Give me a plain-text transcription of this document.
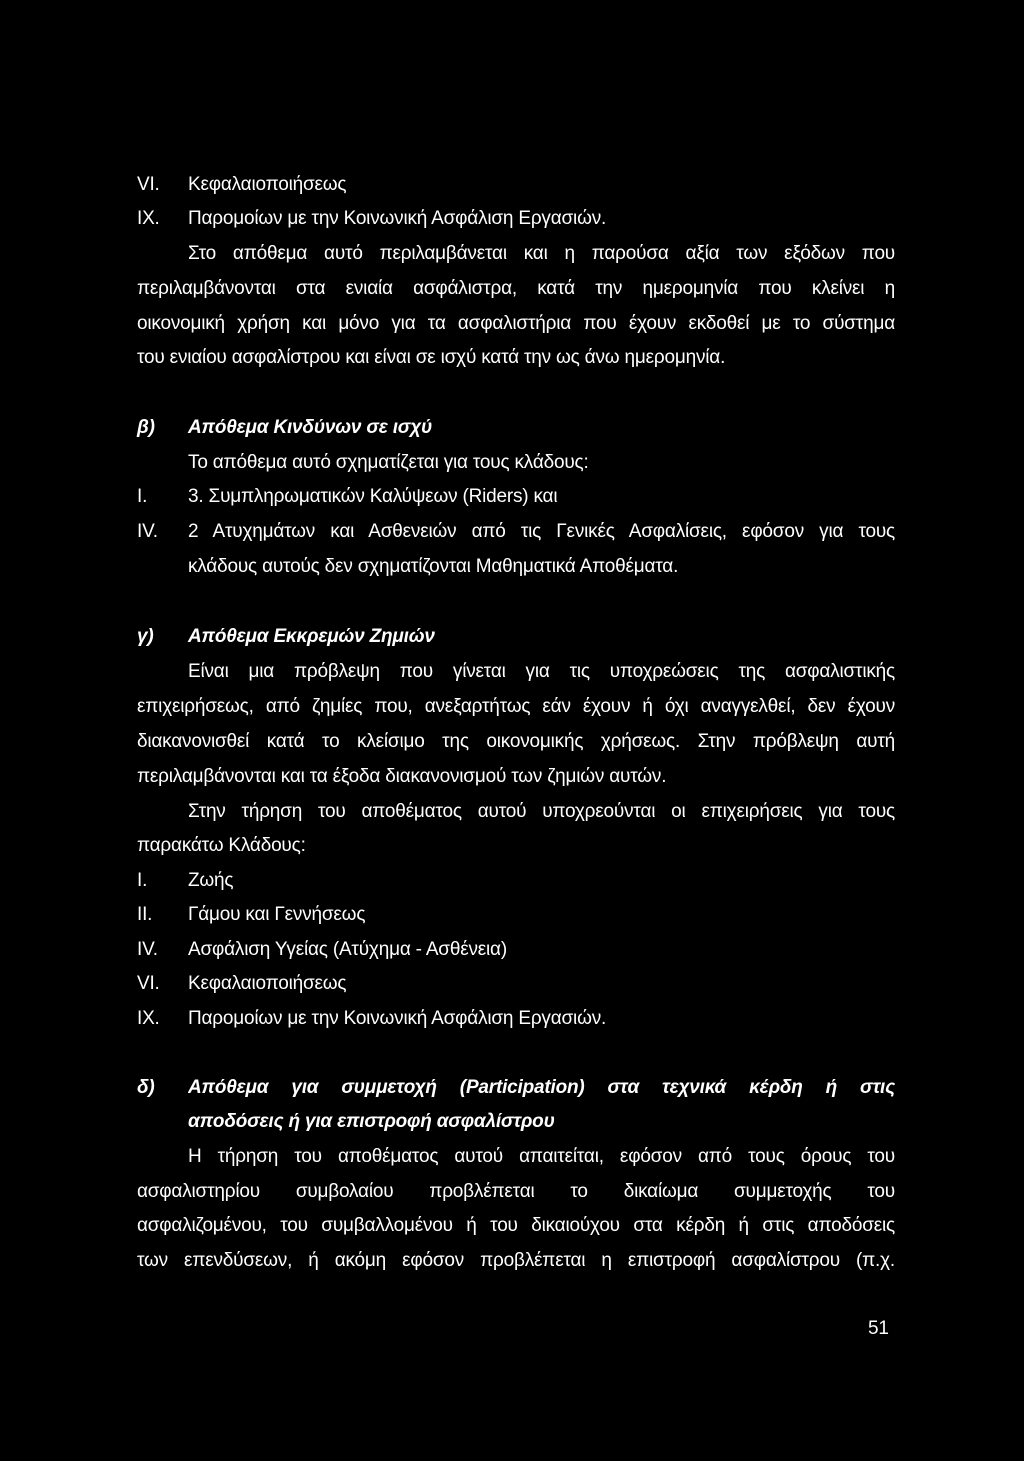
VI. Κεφαλαιοποιήσεως
IX. Παρομοίων με την Κοινωνική Ασφάλιση Εργασιών.
Στο απόθεμα αυτό περιλαμβάνεται και η παρούσα αξία των εξόδων που
περιλαμβάνονται στα ενιαία ασφάλιστρα, κατά την ημερομηνία που κλείνει η
οικονομική χρήση και μόνο για τα ασφαλιστήρια που έχουν εκδοθεί με το σύστημα
του ενιαίου ασφαλίστρου και είναι σε ισχύ κατά την ως άνω ημερομηνία.
β) Απόθεμα Κινδύνων σε ισχύ
Το απόθεμα αυτό σχηματίζεται για τους κλάδους:
I. 3. Συμπληρωματικών Καλύψεων (Riders) και
IV. 2 Ατυχημάτων και Ασθενειών από τις Γενικές Ασφαλίσεις, εφόσον για τους
κλάδους αυτούς δεν σχηματίζονται Μαθηματικά Αποθέματα.
γ) Απόθεμα Εκκρεμών Ζημιών
Είναι μια πρόβλεψη που γίνεται για τις υποχρεώσεις της ασφαλιστικής
επιχειρήσεως, από ζημίες που, ανεξαρτήτως εάν έχουν ή όχι αναγγελθεί, δεν έχουν
διακανονισθεί κατά το κλείσιμο της οικονομικής χρήσεως. Στην πρόβλεψη αυτή
περιλαμβάνονται και τα έξοδα διακανονισμού των ζημιών αυτών.
Στην τήρηση του αποθέματος αυτού υποχρεούνται οι επιχειρήσεις για τους
παρακάτω Κλάδους:
I. Ζωής
II. Γάμου και Γεννήσεως
IV. Ασφάλιση Υγείας (Ατύχημα - Ασθένεια)
VI. Κεφαλαιοποιήσεως
IX. Παρομοίων με την Κοινωνική Ασφάλιση Εργασιών.
δ) Απόθεμα για συμμετοχή (Participation) στα τεχνικά κέρδη ή στις
αποδόσεις ή για επιστροφή ασφαλίστρου
Η τήρηση του αποθέματος αυτού απαιτείται, εφόσον από τους όρους του
ασφαλιστηρίου συμβολαίου προβλέπεται το δικαίωμα συμμετοχής του
ασφαλιζομένου, του συμβαλλομένου ή του δικαιούχου στα κέρδη ή στις αποδόσεις
των επενδύσεων, ή ακόμη εφόσον προβλέπεται η επιστροφή ασφαλίστρου (π.χ.
51
